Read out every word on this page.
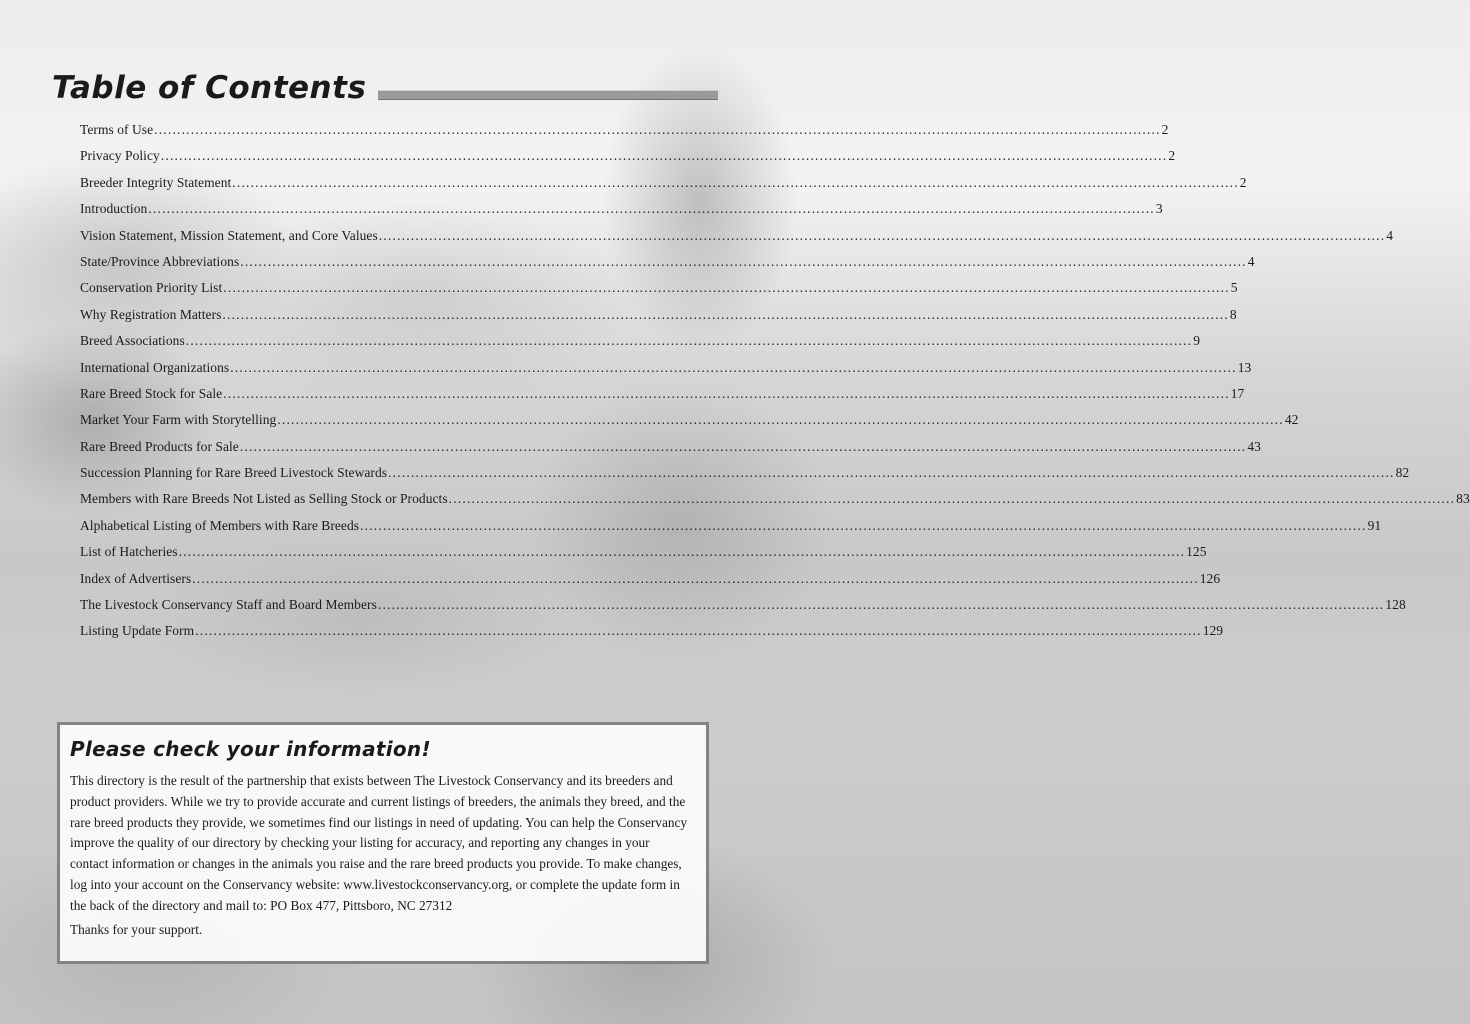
Table of Contents
Terms of Use ............................................................................................................................................................................................................................ 2
Privacy Policy ............................................................................................................................................................................................................................ 2
Breeder Integrity Statement ............................................................................................................................................................................................................................ 2
Introduction ............................................................................................................................................................................................................................ 3
Vision Statement, Mission Statement, and Core Values ............................................................................................................................................................................................................................ 4
State/Province Abbreviations ............................................................................................................................................................................................................................ 4
Conservation Priority List ............................................................................................................................................................................................................................ 5
Why Registration Matters ............................................................................................................................................................................................................................ 8
Breed Associations ............................................................................................................................................................................................................................ 9
International Organizations ............................................................................................................................................................................................................................ 13
Rare Breed Stock for Sale ............................................................................................................................................................................................................................ 17
Market Your Farm with Storytelling ............................................................................................................................................................................................................................ 42
Rare Breed Products for Sale ............................................................................................................................................................................................................................ 43
Succession Planning for Rare Breed Livestock Stewards ............................................................................................................................................................................................................................ 82
Members with Rare Breeds Not Listed as Selling Stock or Products ............................................................................................................................................................................................................................ 83
Alphabetical Listing of Members with Rare Breeds ............................................................................................................................................................................................................................ 91
List of Hatcheries ............................................................................................................................................................................................................................ 125
Index of Advertisers ............................................................................................................................................................................................................................ 126
The Livestock Conservancy Staff and Board Members ............................................................................................................................................................................................................................ 128
Listing Update Form ............................................................................................................................................................................................................................ 129
Please check your information!

This directory is the result of the partnership that exists between The Livestock Conservancy and its breeders and product providers. While we try to provide accurate and current listings of breeders, the animals they breed, and the rare breed products they provide, we sometimes find our listings in need of updating. You can help the Conservancy improve the quality of our directory by checking your listing for accuracy, and reporting any changes in your contact information or changes in the animals you raise and the rare breed products you provide. To make changes, log into your account on the Conservancy website: www.livestockconservancy.org, or complete the update form in the back of the directory and mail to: PO Box 477, Pittsboro, NC 27312

Thanks for your support.
